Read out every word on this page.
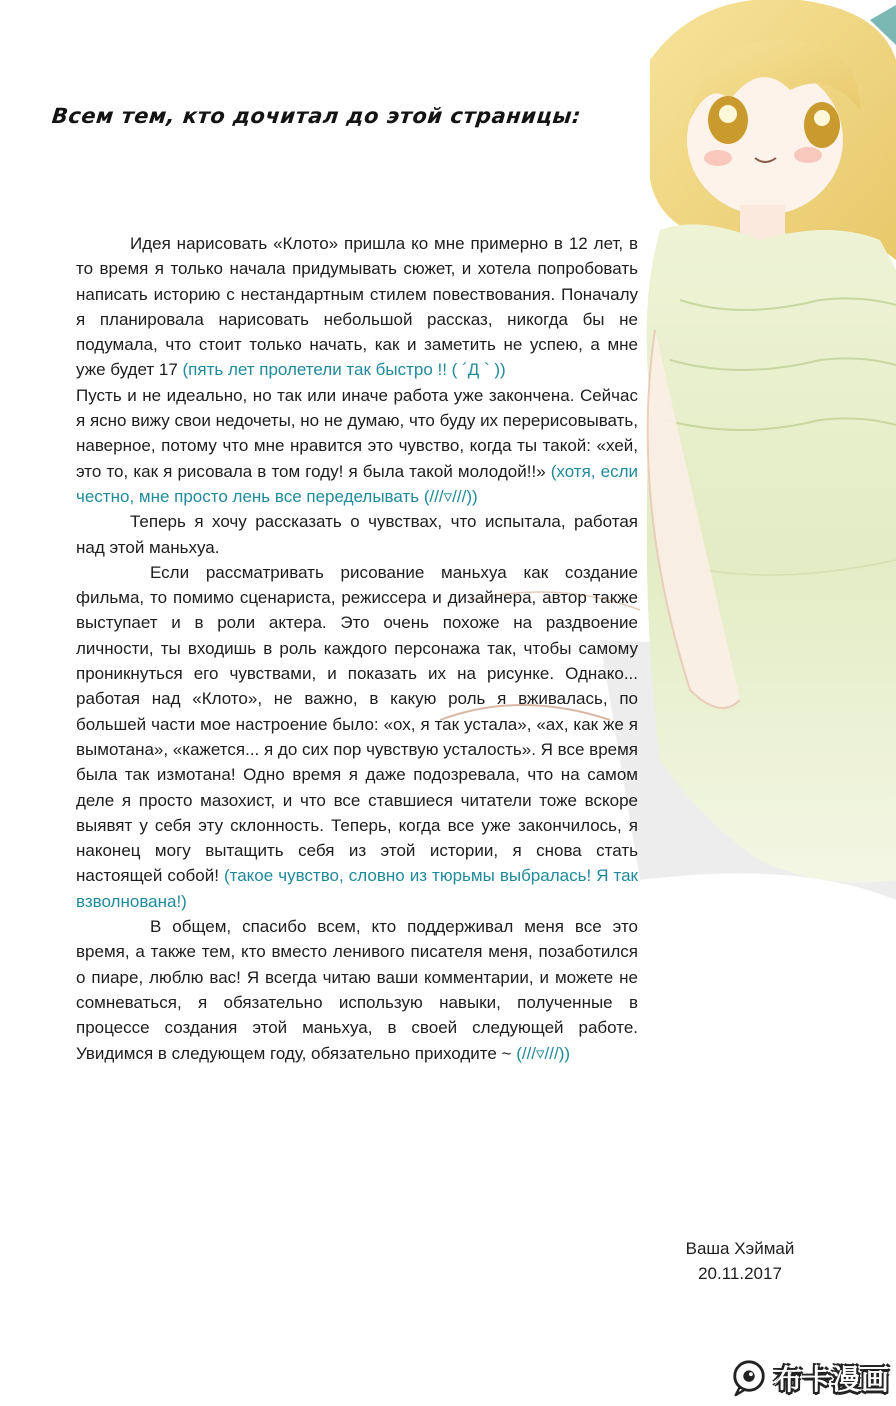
Всем тем, кто дочитал до этой страницы:

Идея нарисовать «Клото» пришла ко мне примерно в 12 лет, в то время я только начала придумывать сюжет, и хотела попробовать написать историю с нестандартным стилем повествования. Поначалу я планировала нарисовать небольшой рассказ, никогда бы не подумала, что стоит только начать, как и заметить не успею, а мне уже будет 17 (пять лет пролетели так быстро !! ( ´Д ` ))

Пусть и не идеально, но так или иначе работа уже закончена. Сейчас я ясно вижу свои недочеты, но не думаю, что буду их перерисовывать, наверное, потому что мне нравится это чувство, когда ты такой: «хей, это то, как я рисовала в том году! я была такой молодой!!» (хотя, если честно, мне просто лень все переделывать (///▿///))

Теперь я хочу рассказать о чувствах, что испытала, работая над этой маньхуа.

Если рассматривать рисование маньхуа как создание фильма, то помимо сценариста, режиссера и дизайнера, автор также выступает и в роли актера. Это очень похоже на раздвоение личности, ты входишь в роль каждого персонажа так, чтобы самому проникнуться его чувствами, и показать их на рисунке. Однако... работая над «Клото», не важно, в какую роль я вживалась, по большей части мое настроение было: «ох, я так устала», «ах, как же я вымотана», «кажется... я до сих пор чувствую усталость». Я все время была так измотана! Одно время я даже подозревала, что на самом деле я просто мазохист, и что все ставшиеся читатели тоже вскоре выявят у себя эту склонность. Теперь, когда все уже закончилось, я наконец могу вытащить себя из этой истории, я снова стать настоящей собой! (такое чувство, словно из тюрьмы выбралась! Я так взволнована!)

В общем, спасибо всем, кто поддерживал меня все это время, а также тем, кто вместо ленивого писателя меня, позаботился о пиаре, люблю вас! Я всегда читаю ваши комментарии, и можете не сомневаться, я обязательно использую навыки, полученные в процессе создания этой маньхуа, в своей следующей работе. Увидимся в следующем году, обязательно приходите ~ (///▿///))

Ваша Хэймай
20.11.2017
布卡漫画
